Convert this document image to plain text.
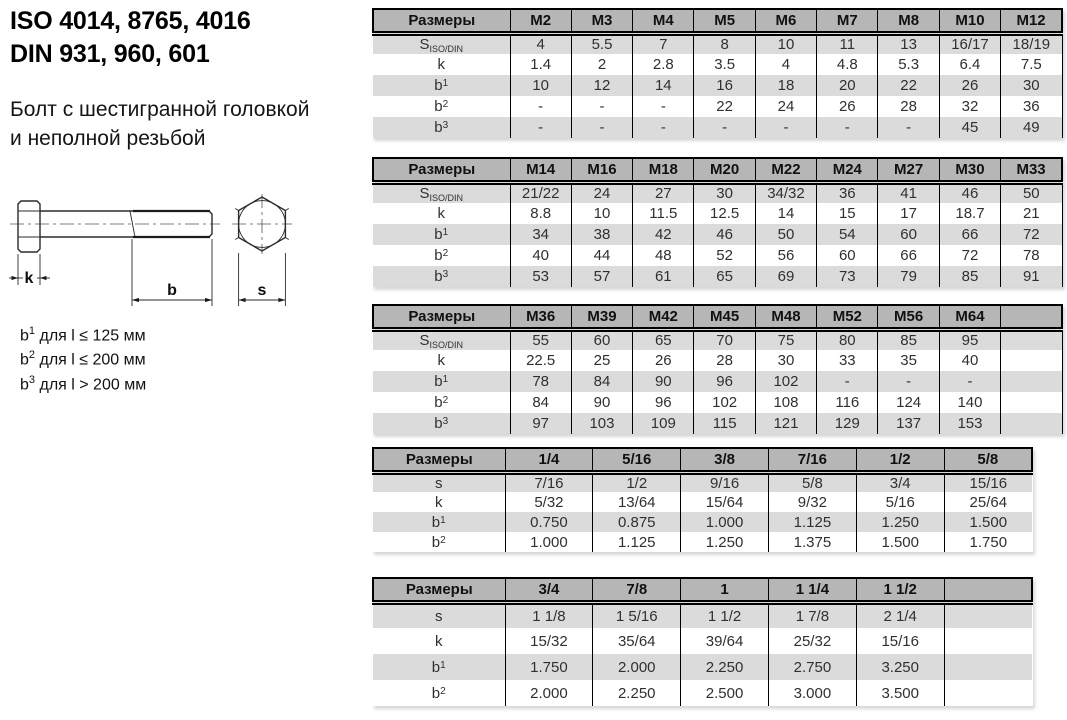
ISO 4014, 8765, 4016
DIN 931, 960, 601
Болт с шестигранной головкой
и неполной резьбой
k
b	s
$b^1$ для l ≤ 125 мм
$b^2$ для l ≤ 200 мм
$b^3$ для l > 200 мм
Размеры	M2	M3	M4	M5	M6	M7	M8	M10	M12
$S_{ISO/DIN}$	4	5.5	7	8	10	11	13	16/17	18/19
k	1.4	2	2.8	3.5	4	4.8	5.3	6.4	7.5
$b^1$	10	12	14	16	18	20	22	26	30
$b^2$	-	-	-	22	24	26	28	32	36
$b^3$	-	-	-	-	-	-	-	45	49
Размеры	M14	M16	M18	M20	M22	M24	M27	M30	M33
$S_{ISO/DIN}$	21/22	24	27	30	34/32	36	41	46	50
k	8.8	10	11.5	12.5	14	15	17	18.7	21
$b^1$	34	38	42	46	50	54	60	66	72
$b^2$	40	44	48	52	56	60	66	72	78
$b^3$	53	57	61	65	69	73	79	85	91
Размеры	M36	M39	M42	M45	M48	M52	M56	M64	
$S_{ISO/DIN}$	55	60	65	70	75	80	85	95	
k	22.5	25	26	28	30	33	35	40	
$b^1$	78	84	90	96	102	-	-	-	
$b^2$	84	90	96	102	108	116	124	140	
$b^3$	97	103	109	115	121	129	137	153	
Размеры	1/4	5/16	3/8	7/16	1/2	5/8
s	7/16	1/2	9/16	5/8	3/4	15/16
k	5/32	13/64	15/64	9/32	5/16	25/64
$b^1$	0.750	0.875	1.000	1.125	1.250	1.500
$b^2$	1.000	1.125	1.250	1.375	1.500	1.750
Размеры	3/4	7/8	1	1 1/4	1 1/2	
s	1 1/8	1 5/16	1 1/2	1 7/8	2 1/4	
k	15/32	35/64	39/64	25/32	15/16	
$b^1$	1.750	2.000	2.250	2.750	3.250	
$b^2$	2.000	2.250	2.500	3.000	3.500	
